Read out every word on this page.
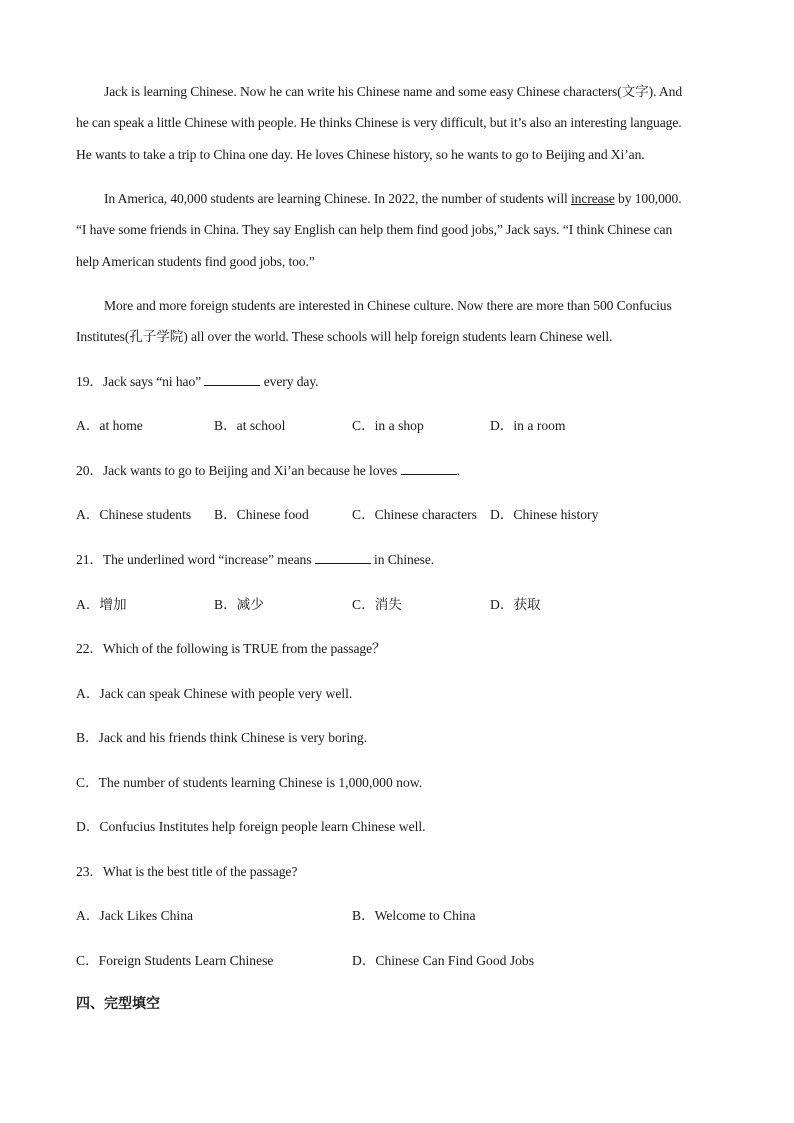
Jack is learning Chinese. Now he can write his Chinese name and some easy Chinese characters(文字). And
he can speak a little Chinese with people. He thinks Chinese is very difficult, but it’s also an interesting language.
He wants to take a trip to China one day. He loves Chinese history, so he wants to go to Beijing and Xi’an.
In America, 40,000 students are learning Chinese. In 2022, the number of students will increase by 100,000.
“I have some friends in China. They say English can help them find good jobs,” Jack says. “I think Chinese can
help American students find good jobs, too.”
More and more foreign students are interested in Chinese culture. Now there are more than 500 Confucius
Institutes(孔子学院) all over the world. These schools will help foreign students learn Chinese well.
19．Jack says “ni hao”	every day.
A．at home	B．at school	C．in a shop	D．in a room
20．Jack wants to go to Beijing and Xi’an because he loves	.
A．Chinese students B．Chinese food	C．Chinese characters D．Chinese history
21．The underlined word “increase” means	in Chinese.
A．增加	B．减少	C．消失	D．获取
22．Which of the following is TRUE from the passage？
A．Jack can speak Chinese with people very well.
B．Jack and his friends think Chinese is very boring.
C．The number of students learning Chinese is 1,000,000 now.
D．Confucius Institutes help foreign people learn Chinese well.
23．What is the best title of the passage?
A．Jack Likes China	B．Welcome to China
C．Foreign Students Learn Chinese	D．Chinese Can Find Good Jobs
四、完型填空
